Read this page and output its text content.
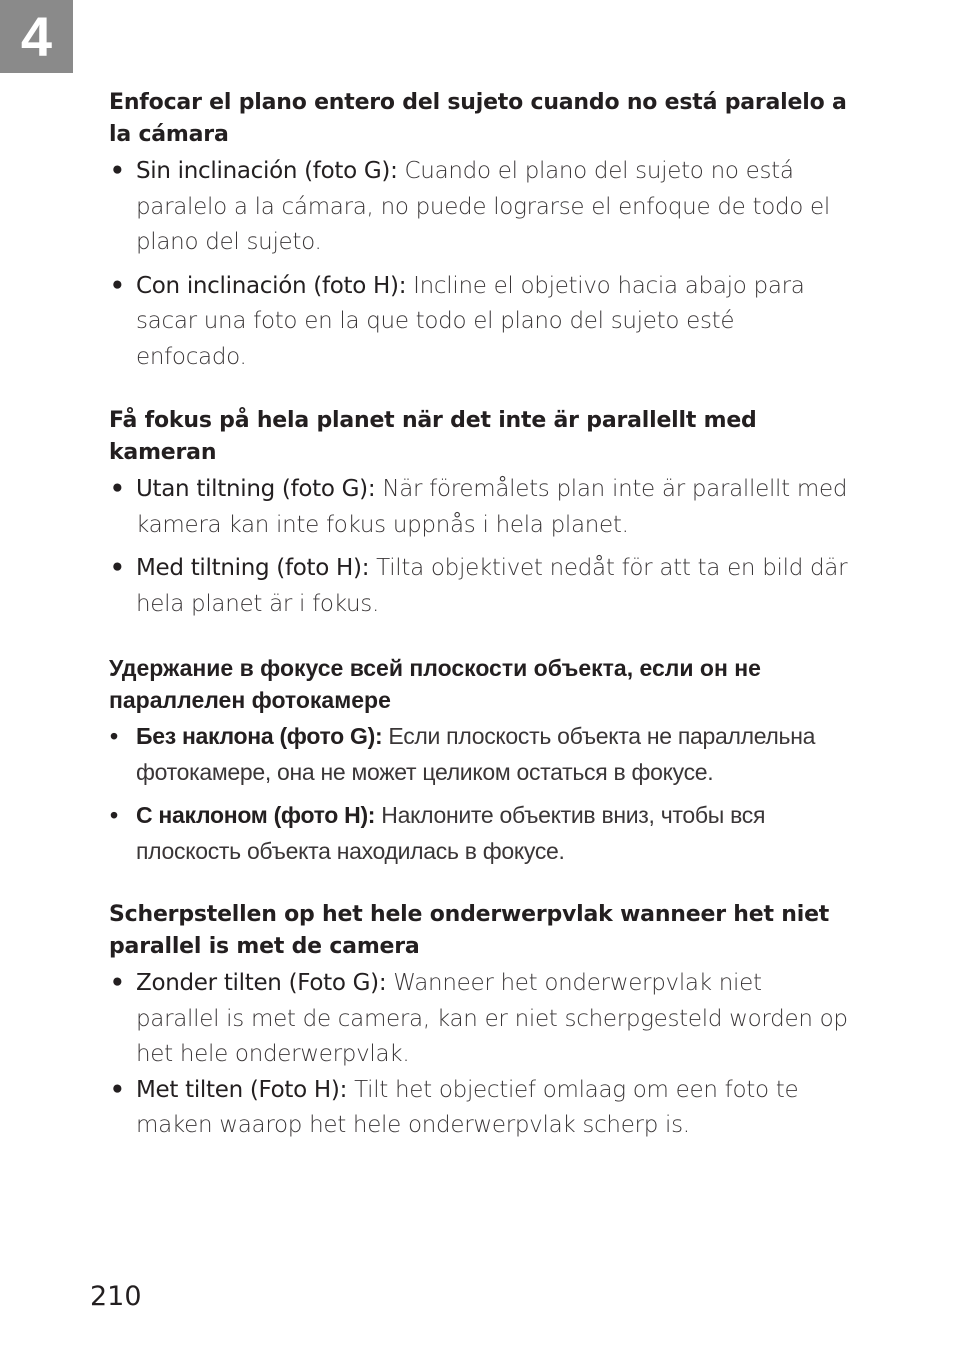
4
Enfocar el plano entero del sujeto cuando no está paralelo a la cámara
• Sin inclinación (foto G): Cuando el plano del sujeto no está paralelo a la cámara, no puede lograrse el enfoque de todo el plano del sujeto.
• Con inclinación (foto H): Incline el objetivo hacia abajo para sacar una foto en la que todo el plano del sujeto esté enfocado.
Få fokus på hela planet när det inte är parallellt med kameran
• Utan tiltning (foto G): När föremålets plan inte är parallellt med kamera kan inte fokus uppnås i hela planet.
• Med tiltning (foto H): Tilta objektivet nedåt för att ta en bild där hela planet är i fokus.
Удержание в фокусе всей плоскости объекта, если он не параллелен фотокамере
• Без наклона (фото G): Если плоскость объекта не параллельна фотокамере, она не может целиком остаться в фокусе.
• С наклоном (фото H): Наклоните объектив вниз, чтобы вся плоскость объекта находилась в фокусе.
Scherpstellen op het hele onderwerpvlak wanneer het niet parallel is met de camera
• Zonder tilten (Foto G): Wanneer het onderwerpvlak niet parallel is met de camera, kan er niet scherpgesteld worden op het hele onderwerpvlak.
• Met tilten (Foto H): Tilt het objectief omlaag om een foto te maken waarop het hele onderwerpvlak scherp is.
210
